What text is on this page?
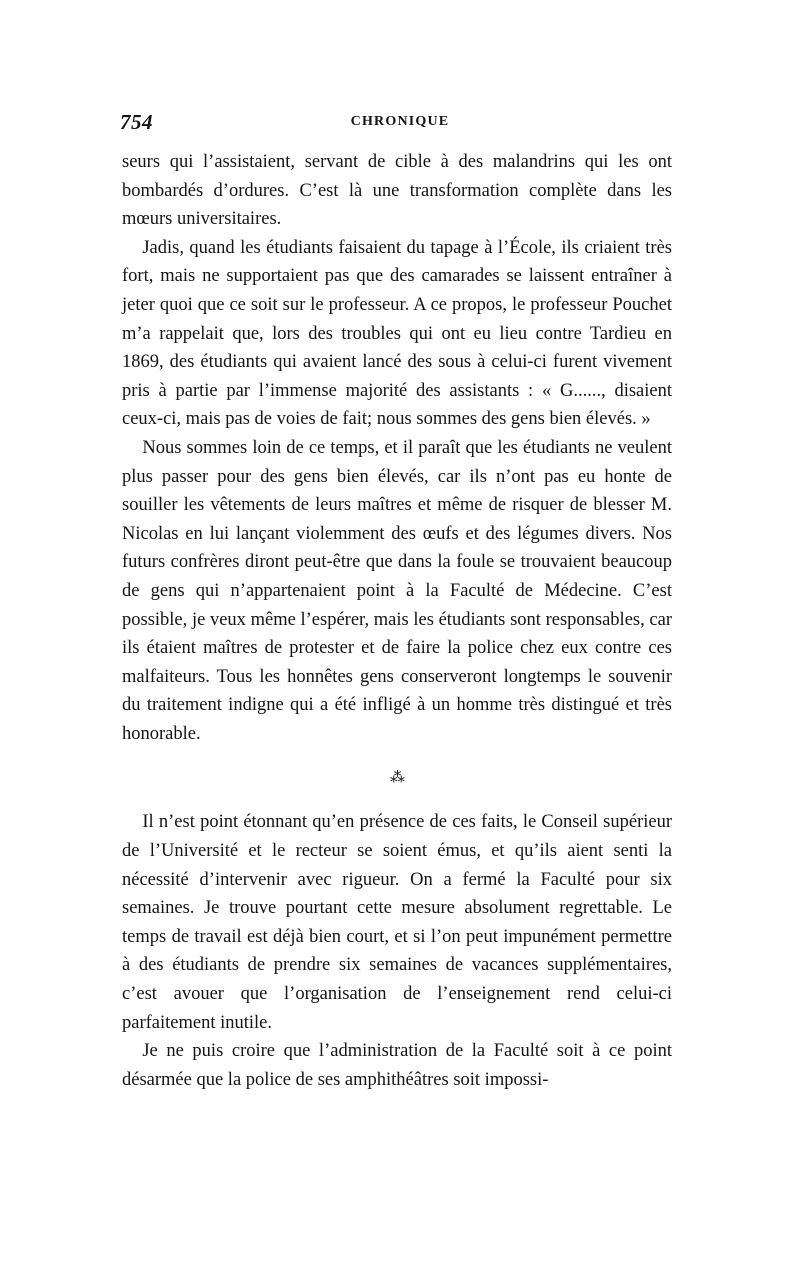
754	CHRONIQUE

seurs qui l’assistaient, servant de cible à des malandrins qui les ont bombardés d’ordures. C’est là une transformation complète dans les mœurs universitaires.

Jadis, quand les étudiants faisaient du tapage à l’École, ils criaient très fort, mais ne supportaient pas que des camarades se laissent entraîner à jeter quoi que ce soit sur le professeur. A ce propos, le professeur Pouchet m’a rappelait que, lors des troubles qui ont eu lieu contre Tardieu en 1869, des étudiants qui avaient lancé des sous à celui-ci furent vivement pris à partie par l’immense majorité des assistants : « G......, disaient ceux-ci, mais pas de voies de fait; nous sommes des gens bien élevés. »

Nous sommes loin de ce temps, et il paraît que les étudiants ne veulent plus passer pour des gens bien élevés, car ils n’ont pas eu honte de souiller les vêtements de leurs maîtres et même de risquer de blesser M. Nicolas en lui lançant violemment des œufs et des légumes divers. Nos futurs confrères diront peut-être que dans la foule se trouvaient beaucoup de gens qui n’appartenaient point à la Faculté de Médecine. C’est possible, je veux même l’espérer, mais les étudiants sont responsables, car ils étaient maîtres de protester et de faire la police chez eux contre ces malfaiteurs. Tous les honnêtes gens conserveront longtemps le souvenir du traitement indigne qui a été infligé à un homme très distingué et très honorable.

⁂

Il n’est point étonnant qu’en présence de ces faits, le Conseil supérieur de l’Université et le recteur se soient émus, et qu’ils aient senti la nécessité d’intervenir avec rigueur. On a fermé la Faculté pour six semaines. Je trouve pourtant cette mesure absolument regrettable. Le temps de travail est déjà bien court, et si l’on peut impunément permettre à des étudiants de prendre six semaines de vacances supplémentaires, c’est avouer que l’organisation de l’enseignement rend celui-ci parfaitement inutile.

Je ne puis croire que l’administration de la Faculté soit à ce point désarmée que la police de ses amphithéâtres soit impossi-
